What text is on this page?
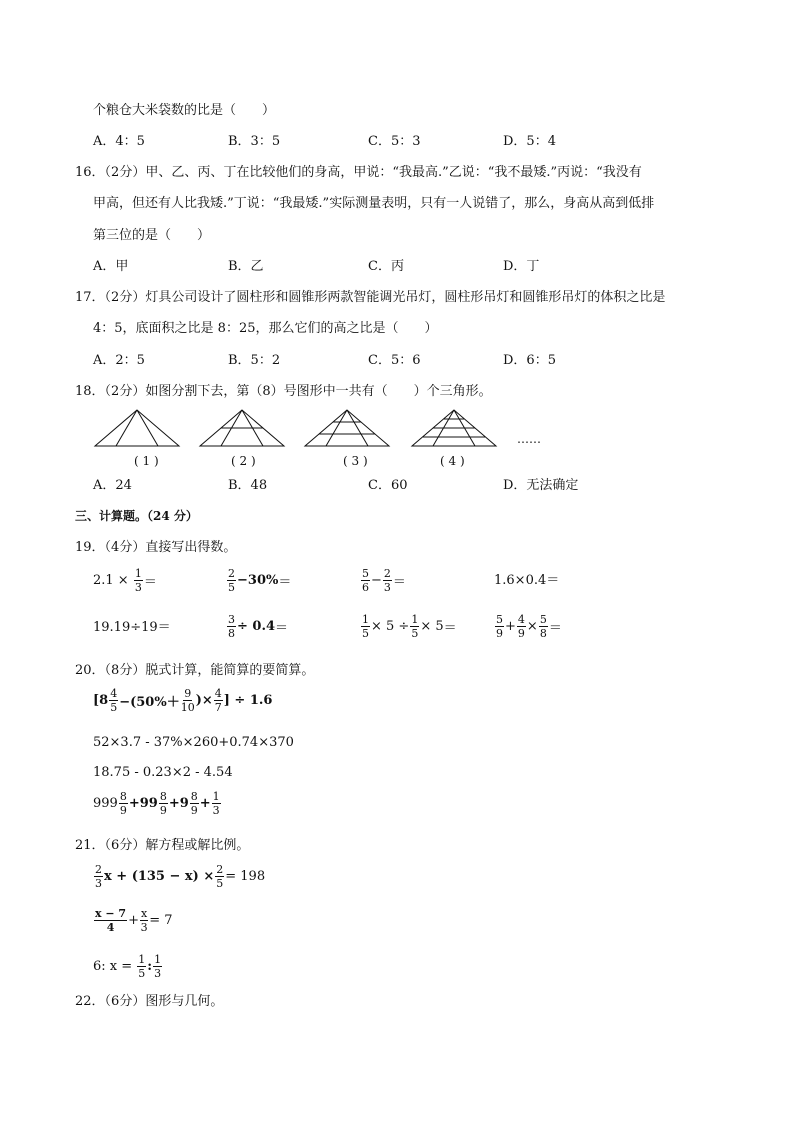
个粮仓大米袋数的比是（　　）
A．4：5	B．3：5	C．5：3	D．5：4
16．（2分）甲、乙、丙、丁在比较他们的身高，甲说：“我最高.”乙说：“我不最矮.”丙说：“我没有
甲高，但还有人比我矮.”丁说：“我最矮.”实际测量表明，只有一人说错了，那么，身高从高到低排
第三位的是（　　）
A．甲	B．乙	C．丙	D．丁
17．（2分）灯具公司设计了圆柱形和圆锥形两款智能调光吊灯，圆柱形吊灯和圆锥形吊灯的体积之比是
4：5，底面积之比是 8：25，那么它们的高之比是（　　）
A．2：5	B．5：2	C．5：6	D．6：5
18．（2分）如图分割下去，第（8）号图形中一共有（　　）个三角形。
……
( 1 )	( 2 )	( 3 )	( 4 )
A．24	B．48	C．60	D．无法确定
三、计算题。（24 分）
19．（4分）直接写出得数。
2.1 ×
$\frac{1}{3}$ ＝	$\frac{2}{5} -30\%$ ＝	$\frac{5}{6} - \frac{2}{3}$ ＝	1.6×0.4＝
19.19÷19＝	$\frac{3}{8} \div 0.4$ ＝	$\frac{1}{5} \times 5 \div \frac{1}{5} \times 5$ ＝	$\frac{5}{9} + \frac{4}{9} \times \frac{5}{8}$ ＝
20．（8分）脱式计算，能简算的要简算。
[$8 \frac{4}{5} -(50\%+ \frac{9}{10}$ )× $\frac{4}{7}$ ] ÷ 1.6
52×3.7 - 37%×260+0.74×370
18.75 - 0.23×2 - 4.54
$999 \frac{8}{9} +99 \frac{8}{9} +9 \frac{8}{9} + \frac{1}{3}$
21．（6分）解方程或解比例。
$\frac{2}{3}$ $x + (135 - x) \times \frac{2}{5} = 198$
$\frac{x - 7}{4} + \frac{x}{3} = 7$
6: x =
$\frac{1}{5}$ : $\frac{1}{3}$
22．（6分）图形与几何。
